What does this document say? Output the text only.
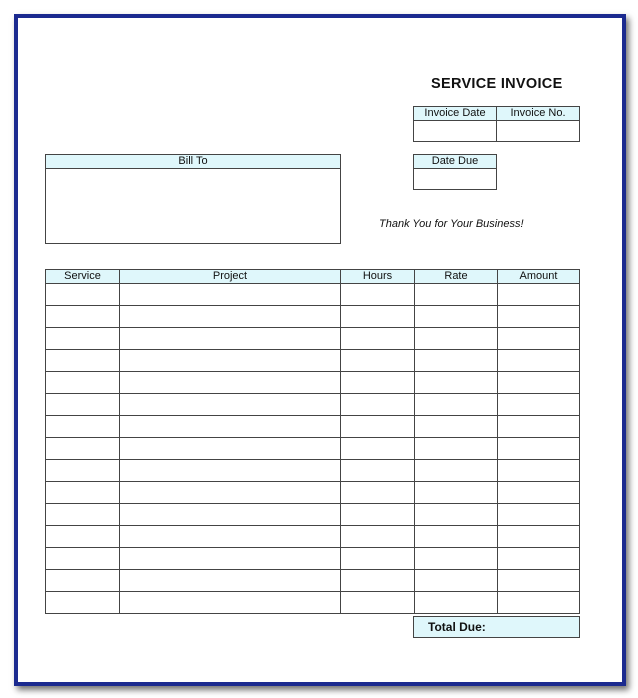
SERVICE INVOICE
Invoice Date	Invoice No.

Date Due

Bill To
Thank You for Your Business!
Service	Project	Hours	Rate	Amount

Total Due:
